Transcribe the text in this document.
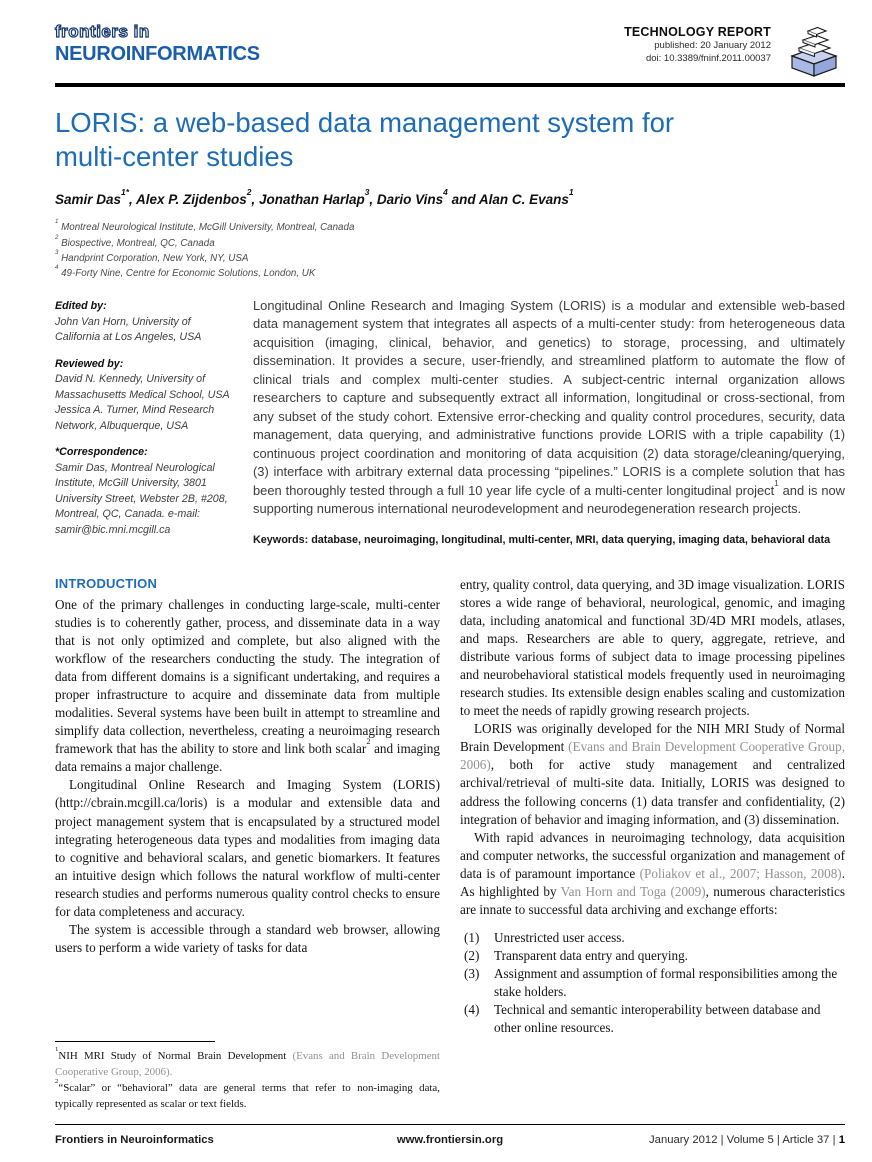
frontiers in
NEUROINFORMATICS
TECHNOLOGY REPORT
published: 20 January 2012
doi: 10.3389/fninf.2011.00037
LORIS: a web-based data management system for multi-center studies
Samir Das$^{1*}$, Alex P. Zijdenbos$^2$, Jonathan Harlap$^3$, Dario Vins$^4$ and Alan C. Evans$^1$
$^1$ Montreal Neurological Institute, McGill University, Montreal, Canada
$^2$ Biospective, Montreal, QC, Canada
$^3$ Handprint Corporation, New York, NY, USA
$^4$ 49-Forty Nine, Centre for Economic Solutions, London, UK
Edited by:
John Van Horn, University of California at Los Angeles, USA
Reviewed by:
David N. Kennedy, University of Massachusetts Medical School, USA
Jessica A. Turner, Mind Research Network, Albuquerque, USA
*Correspondence:
Samir Das, Montreal Neurological Institute, McGill University, 3801 University Street, Webster 2B, #208, Montreal, QC, Canada. e-mail: samir@bic.mni.mcgill.ca

Longitudinal Online Research and Imaging System (LORIS) is a modular and extensible web-based data management system that integrates all aspects of a multi-center study: from heterogeneous data acquisition (imaging, clinical, behavior, and genetics) to storage, processing, and ultimately dissemination. It provides a secure, user-friendly, and streamlined platform to automate the flow of clinical trials and complex multi-center studies. A subject-centric internal organization allows researchers to capture and subsequently extract all information, longitudinal or cross-sectional, from any subset of the study cohort. Extensive error-checking and quality control procedures, security, data management, data querying, and administrative functions provide LORIS with a triple capability (1) continuous project coordination and monitoring of data acquisition (2) data storage/cleaning/querying, (3) interface with arbitrary external data processing “pipelines.” LORIS is a complete solution that has been thoroughly tested through a full 10 year life cycle of a multi-center longitudinal project$^1$ and is now supporting numerous international neurodevelopment and neurodegeneration research projects.

Keywords: database, neuroimaging, longitudinal, multi-center, MRI, data querying, imaging data, behavioral data
INTRODUCTION

One of the primary challenges in conducting large-scale, multi-center studies is to coherently gather, process, and disseminate data in a way that is not only optimized and complete, but also aligned with the workflow of the researchers conducting the study. The integration of data from different domains is a significant undertaking, and requires a proper infrastructure to acquire and disseminate data from multiple modalities. Several systems have been built in attempt to streamline and simplify data collection, nevertheless, creating a neuroimaging research framework that has the ability to store and link both scalar$^2$ and imaging data remains a major challenge.

Longitudinal Online Research and Imaging System (LORIS) (http://cbrain.mcgill.ca/loris) is a modular and extensible data and project management system that is encapsulated by a structured model integrating heterogeneous data types and modalities from imaging data to cognitive and behavioral scalars, and genetic biomarkers. It features an intuitive design which follows the natural workflow of multi-center research studies and performs numerous quality control checks to ensure for data completeness and accuracy.

The system is accessible through a standard web browser, allowing users to perform a wide variety of tasks for data

$^1$NIH MRI Study of Normal Brain Development (Evans and Brain Development Cooperative Group, 2006).
$^2$“Scalar” or “behavioral” data are general terms that refer to non-imaging data, typically represented as scalar or text fields.

entry, quality control, data querying, and 3D image visualization. LORIS stores a wide range of behavioral, neurological, genomic, and imaging data, including anatomical and functional 3D/4D MRI models, atlases, and maps. Researchers are able to query, aggregate, retrieve, and distribute various forms of subject data to image processing pipelines and neurobehavioral statistical models frequently used in neuroimaging research studies. Its extensible design enables scaling and customization to meet the needs of rapidly growing research projects.

LORIS was originally developed for the NIH MRI Study of Normal Brain Development (Evans and Brain Development Cooperative Group, 2006), both for active study management and centralized archival/retrieval of multi-site data. Initially, LORIS was designed to address the following concerns (1) data transfer and confidentiality, (2) integration of behavior and imaging information, and (3) dissemination.

With rapid advances in neuroimaging technology, data acquisition and computer networks, the successful organization and management of data is of paramount importance (Poliakov et al., 2007; Hasson, 2008). As highlighted by Van Horn and Toga (2009), numerous characteristics are innate to successful data archiving and exchange efforts:

(1)	Unrestricted user access.
(2)	Transparent data entry and querying.
(3)	Assignment and assumption of formal responsibilities among the stake holders.
(4)	Technical and semantic interoperability between database and other online resources.
Frontiers in Neuroinformatics	www.frontiersin.org	January 2012 | Volume 5 | Article 37 | 1
